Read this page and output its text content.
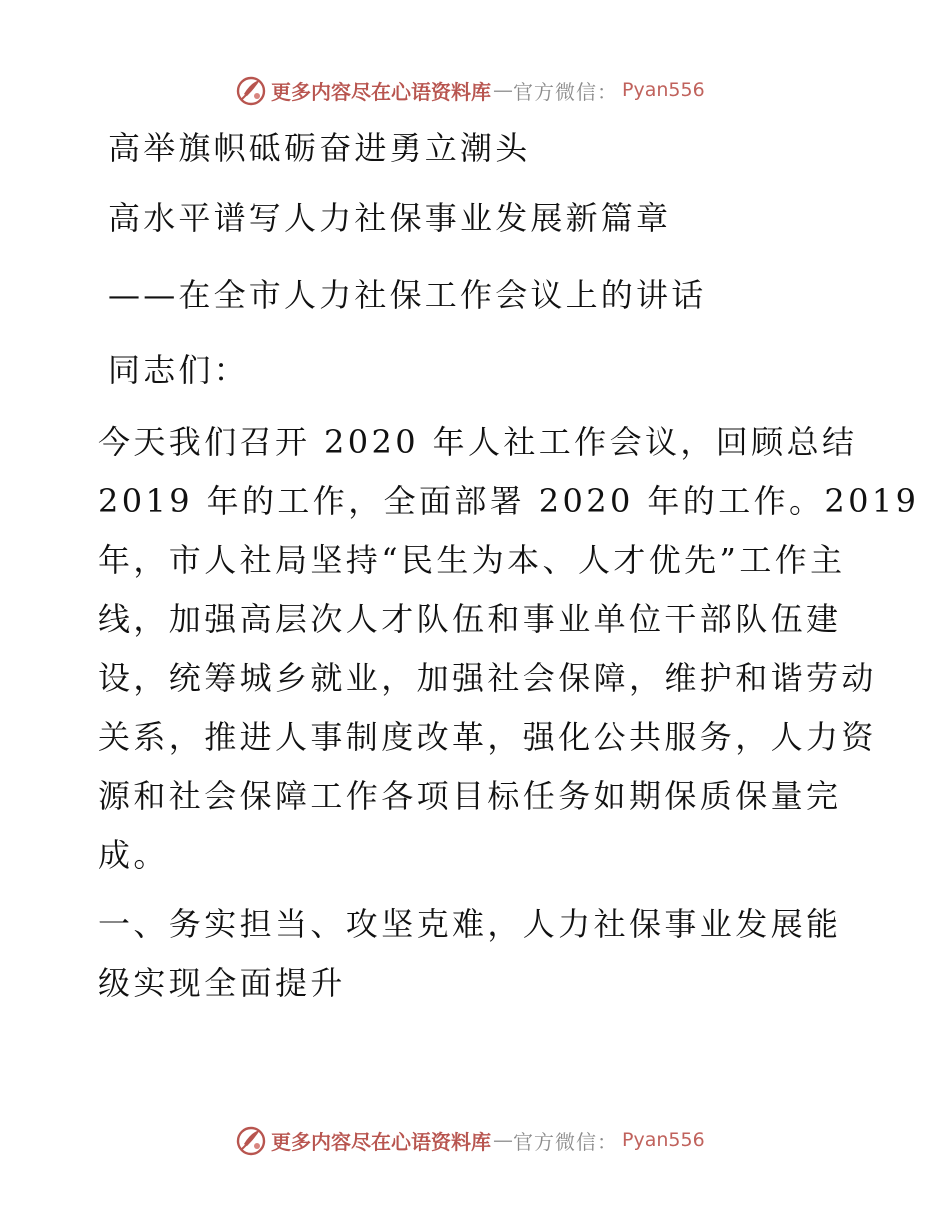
更多内容尽在心语资料库 — 官方微信： Pyan556
高举旗帜砥砺奋进勇立潮头
高水平谱写人力社保事业发展新篇章
——在全市人力社保工作会议上的讲话
同志们：
今天我们召开 2020 年人社工作会议，回顾总结
2019 年的工作，全面部署 2020 年的工作。2019
年，市人社局坚持“民生为本、人才优先”工作主
线，加强高层次人才队伍和事业单位干部队伍建
设，统筹城乡就业，加强社会保障，维护和谐劳动
关系，推进人事制度改革，强化公共服务，人力资
源和社会保障工作各项目标任务如期保质保量完
成。
一、务实担当、攻坚克难，人力社保事业发展能
级实现全面提升
更多内容尽在心语资料库 — 官方微信： Pyan556
